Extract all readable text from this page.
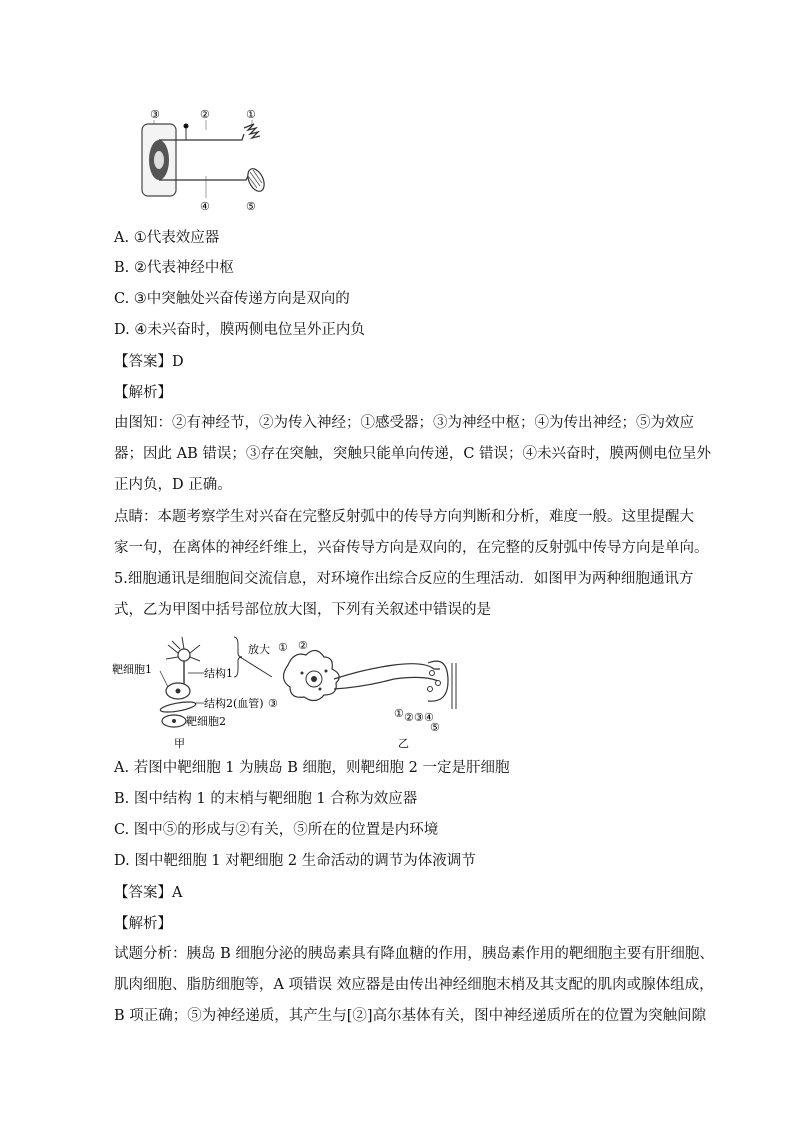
③	②	①
④	⑤
A. ①代表效应器
B. ②代表神经中枢
C. ③中突触处兴奋传递方向是双向的
D. ④未兴奋时，膜两侧电位呈外正内负
【答案】D
【解析】
由图知：②有神经节，②为传入神经；①感受器；③为神经中枢；④为传出神经；⑤为效应
器；因此 AB 错误；③存在突触，突触只能单向传递，C 错误；④未兴奋时，膜两侧电位呈外
正内负，D 正确。
点睛：本题考察学生对兴奋在完整反射弧中的传导方向判断和分析，难度一般。这里提醒大
家一句，在离体的神经纤维上，兴奋传导方向是双向的，在完整的反射弧中传导方向是单向。
5.细胞通讯是细胞间交流信息，对环境作出综合反应的生理活动．如图甲为两种细胞通讯方
式，乙为甲图中括号部位放大图，下列有关叙述中错误的是
结构1
放大
靶细胞1
结构2(血管)
靶细胞2
甲
① ②
③
① ② ③ ④
⑤
乙
A. 若图中靶细胞 1 为胰岛 B 细胞，则靶细胞 2 一定是肝细胞
B. 图中结构 1 的末梢与靶细胞 1 合称为效应器
C. 图中⑤的形成与②有关，⑤所在的位置是内环境
D. 图中靶细胞 1 对靶细胞 2 生命活动的调节为体液调节
【答案】A
【解析】
试题分析：胰岛 B 细胞分泌的胰岛素具有降血糖的作用，胰岛素作用的靶细胞主要有肝细胞、
肌肉细胞、脂肪细胞等，A 项错误 效应器是由传出神经细胞末梢及其支配的肌肉或腺体组成，
B 项正确；⑤为神经递质，其产生与[②]高尔基体有关，图中神经递质所在的位置为突触间隙
